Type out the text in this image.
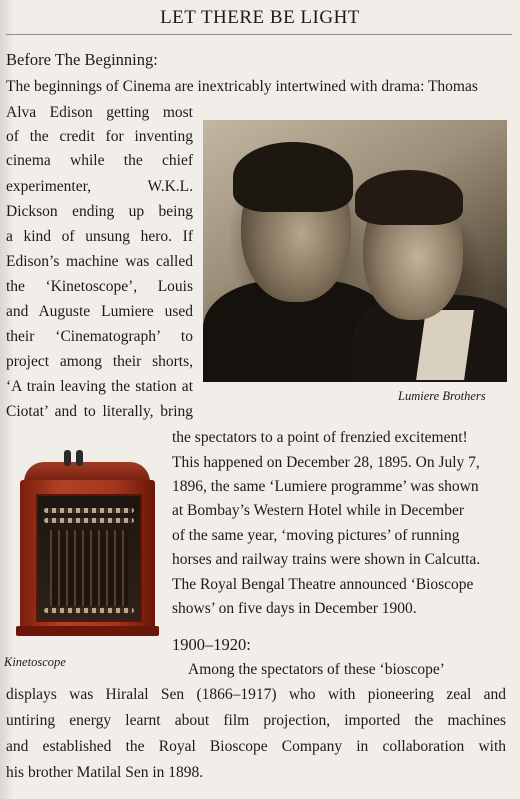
LET THERE BE LIGHT
Before The Beginning:
The beginnings of Cinema are inextricably intertwined with drama: Thomas
Alva Edison getting most
of the credit for inventing
cinema while the chief
experimenter, W.K.L.
Dickson ending up being
a kind of unsung hero. If
Edison’s machine was called
the ‘Kinetoscope’, Louis
and Auguste Lumiere used
their ‘Cinematograph’ to
project among their shorts,
‘A train leaving the station at
Ciotat’ and to literally, bring
the spectators to a point of frenzied excitement!
This happened on December 28, 1895. On July 7,
1896, the same ‘Lumiere programme’ was shown
at Bombay’s Western Hotel while in December
of the same year, ‘moving pictures’ of running
horses and railway trains were shown in Calcutta.
The Royal Bengal Theatre announced ‘Bioscope
shows’ on five days in December 1900.
Lumiere Brothers
Kinetoscope
1900–1920:
Among the spectators of these ‘bioscope’
displays was Hiralal Sen (1866–1917) who with pioneering zeal and
untiring energy learnt about film projection, imported the machines
and established the Royal Bioscope Company in collaboration with
his brother Matilal Sen in 1898.
